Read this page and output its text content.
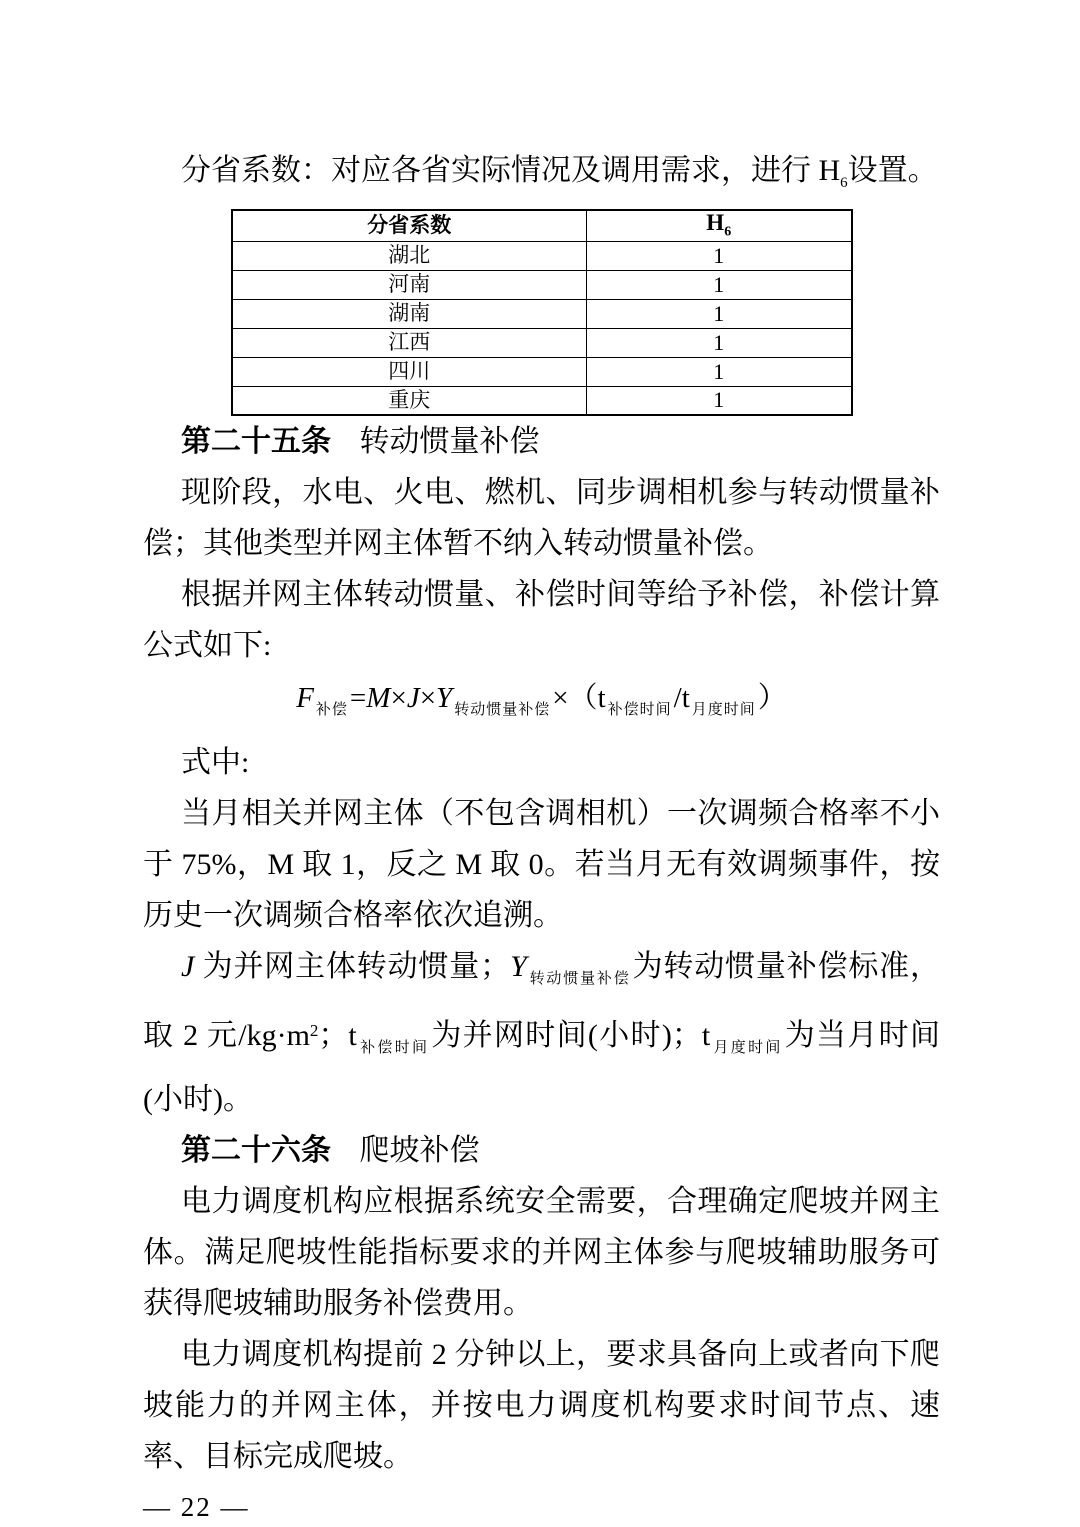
分省系数：对应各省实际情况及调用需求，进行 $H_6$设置。

分省系数	$H_6$
湖北	1
河南	1
湖南	1
江西	1
四川	1
重庆	1

第二十五条 转动惯量补偿

现阶段，水电、火电、燃机、同步调相机参与转动惯量补偿；其他类型并网主体暂不纳入转动惯量补偿。

根据并网主体转动惯量、补偿时间等给予补偿，补偿计算公式如下:

F $_{补偿}$=M×J×Y $_{转动惯量补偿}$×（t $_{补偿时间}$/t $_{月度时间}$）

式中:

当月相关并网主体（不包含调相机）一次调频合格率不小于 75%，M 取 1，反之 M 取 0。若当月无有效调频事件，按历史一次调频合格率依次追溯。

J 为并网主体转动惯量；Y $_{转动惯量补偿}$为转动惯量补偿标准，取 2 元$/kg\cdot m^2$；t $_{补偿时间}$为并网时间(小时)；t $_{月度时间}$为当月时间(小时)。

第二十六条 爬坡补偿

电力调度机构应根据系统安全需要，合理确定爬坡并网主体。满足爬坡性能指标要求的并网主体参与爬坡辅助服务可获得爬坡辅助服务补偿费用。

电力调度机构提前 2 分钟以上，要求具备向上或者向下爬坡能力的并网主体，并按电力调度机构要求时间节点、速率、目标完成爬坡。

— 22 —
